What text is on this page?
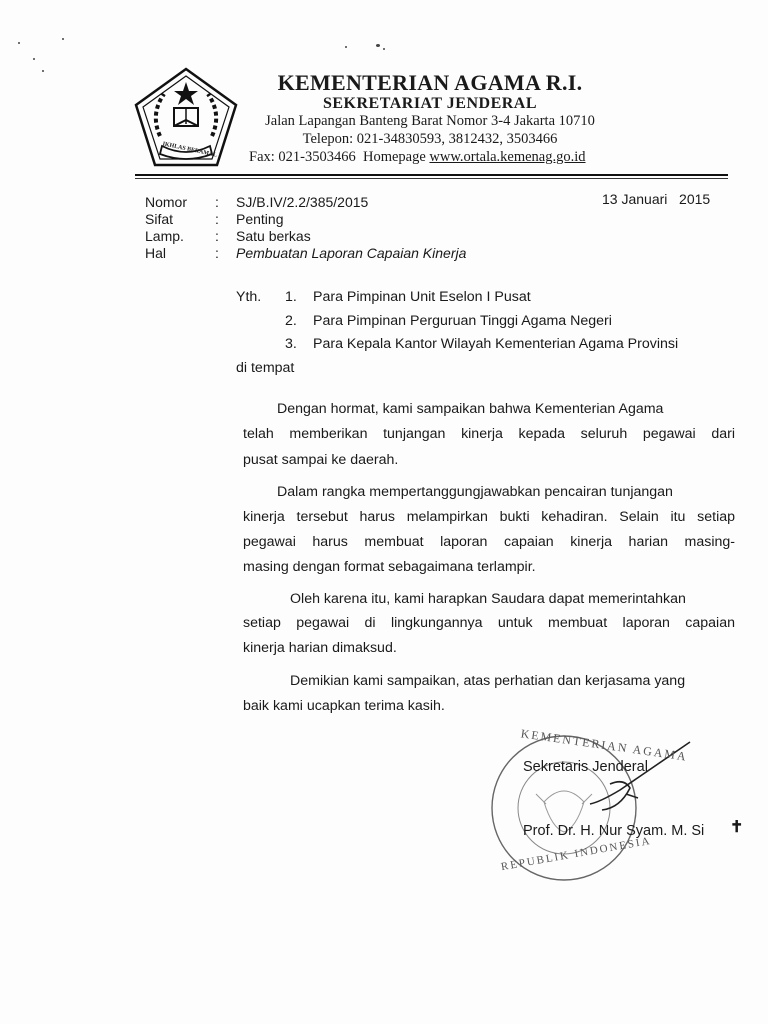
IKHLAS BERAMAL
KEMENTERIAN AGAMA R.I.
SEKRETARIAT JENDERAL
Jalan Lapangan Banteng Barat Nomor 3-4 Jakarta 10710
Telepon: 021-34830593, 3812432, 3503466
Fax: 021-3503466 Homepage www.ortala.kemenag.go.id
13 Januari   2015
Nomor : SJ/B.IV/2.2/385/2015
Sifat	: Penting
Lamp. : Satu berkas
Hal	: Pembuatan Laporan Capaian Kinerja
Yth. 1. Para Pimpinan Unit Eselon I Pusat
2. Para Pimpinan Perguruan Tinggi Agama Negeri
3. Para Kepala Kantor Wilayah Kementerian Agama Provinsi
di tempat
Dengan hormat, kami sampaikan bahwa Kementerian Agama
telah memberikan tunjangan kinerja kepada seluruh pegawai dari
pusat sampai ke daerah.
Dalam rangka mempertanggungjawabkan pencairan tunjangan
kinerja tersebut harus melampirkan bukti kehadiran. Selain itu setiap
pegawai harus membuat laporan capaian kinerja harian masing-
masing dengan format sebagaimana terlampir.
Oleh karena itu, kami harapkan Saudara dapat memerintahkan
setiap pegawai di lingkungannya untuk membuat laporan capaian
kinerja harian dimaksud.
Demikian kami sampaikan, atas perhatian dan kerjasama yang
baik kami ucapkan terima kasih.
KEMENTERIAN AGAMA
REPUBLIK INDONESIA
Sekretaris Jenderal
Prof. Dr. H. Nur Syam. M. Si ✝
